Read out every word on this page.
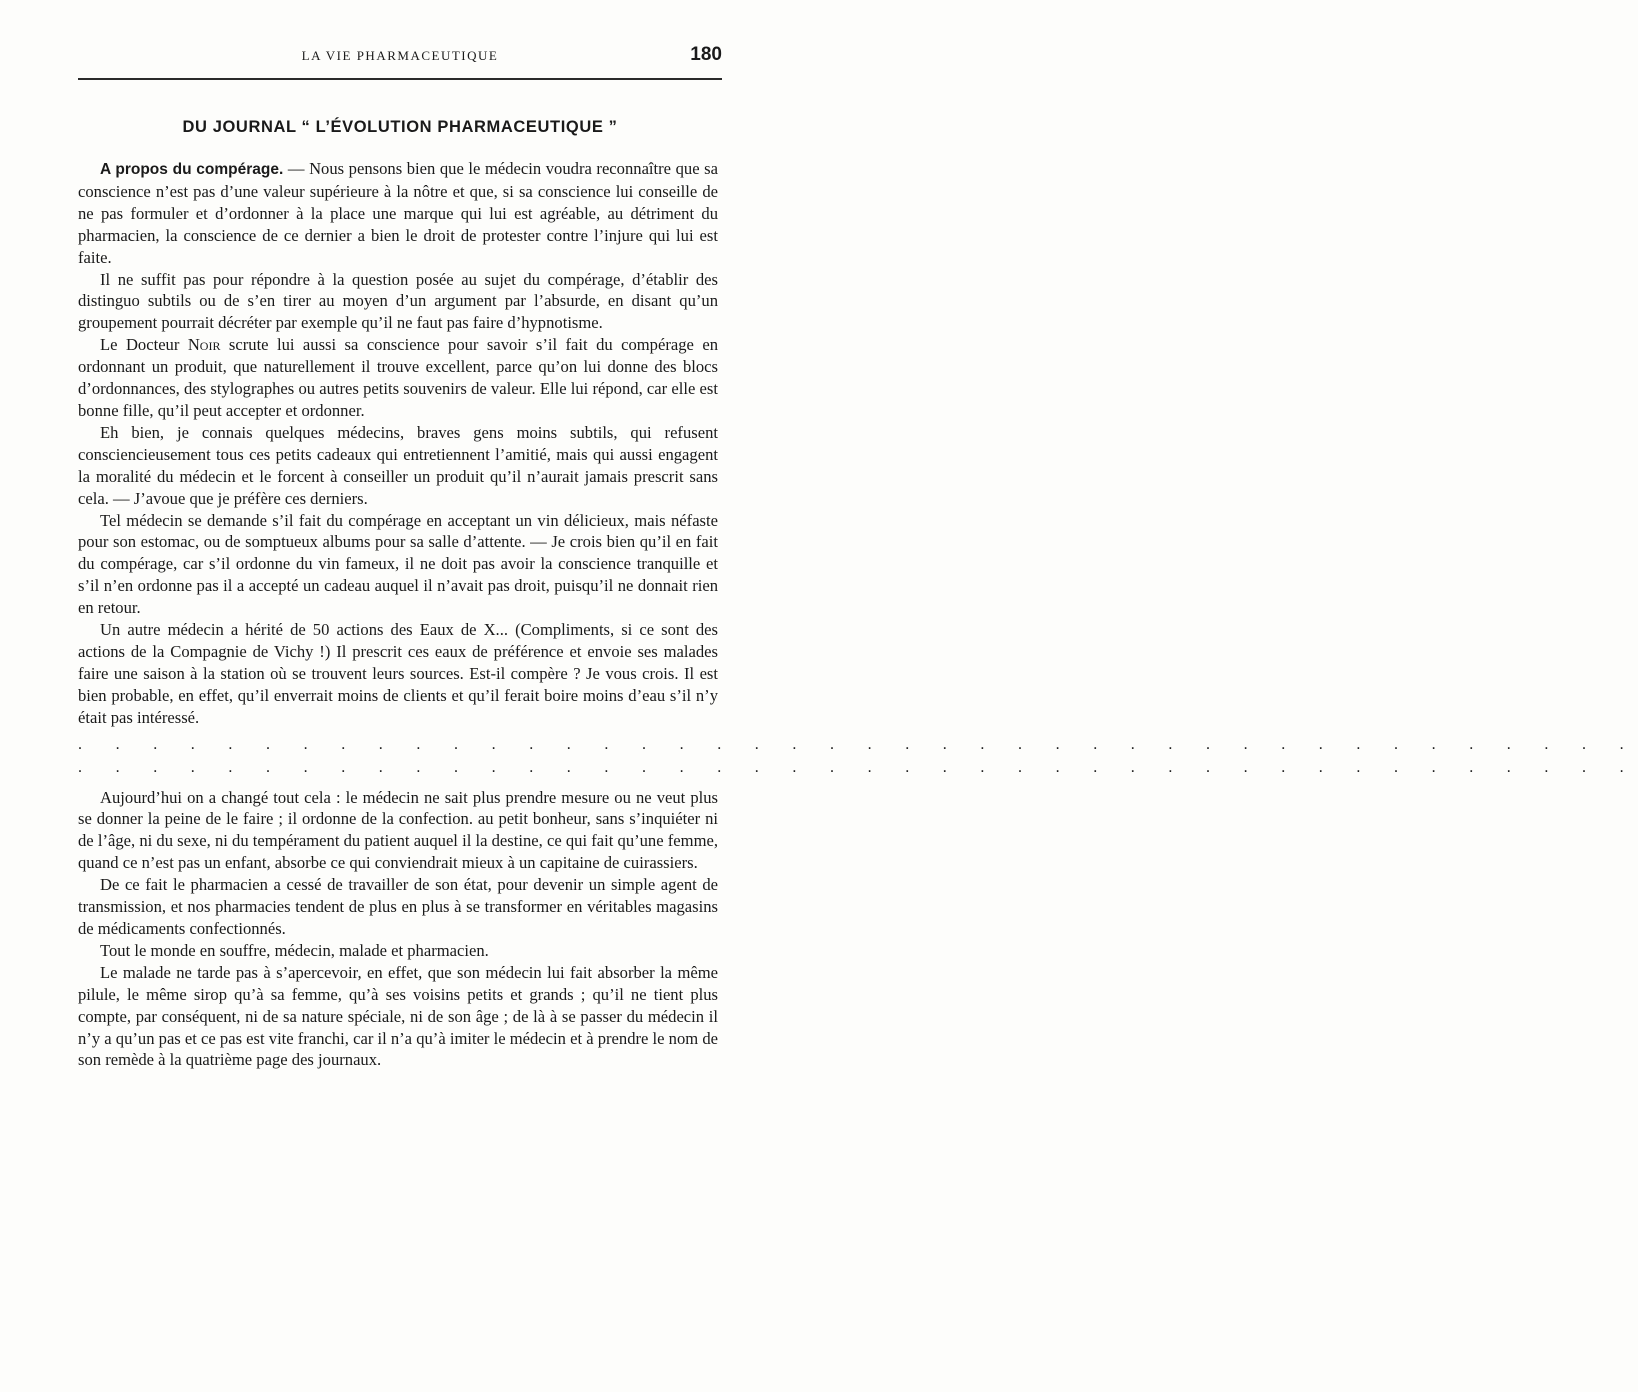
LA VIE PHARMACEUTIQUE	180
DU JOURNAL “ L’ÉVOLUTION PHARMACEUTIQUE ”

A propos du compérage. — Nous pensons bien que le médecin voudra reconnaître que sa conscience n’est pas d’une valeur supérieure à la nôtre et que, si sa conscience lui conseille de ne pas formuler et d’ordonner à la place une marque qui lui est agréable, au détriment du pharmacien, la conscience de ce dernier a bien le droit de protester contre l’injure qui lui est faite.

Il ne suffit pas pour répondre à la question posée au sujet du compérage, d’établir des distinguo subtils ou de s’en tirer au moyen d’un argument par l’absurde, en disant qu’un groupement pourrait décréter par exemple qu’il ne faut pas faire d’hypnotisme.

Le Docteur Noir scrute lui aussi sa conscience pour savoir s’il fait du compérage en ordonnant un produit, que naturellement il trouve excellent, parce qu’on lui donne des blocs d’ordonnances, des stylographes ou autres petits souvenirs de valeur. Elle lui répond, car elle est bonne fille, qu’il peut accepter et ordonner.

Eh bien, je connais quelques médecins, braves gens moins subtils, qui refusent consciencieusement tous ces petits cadeaux qui entretiennent l’amitié, mais qui aussi engagent la moralité du médecin et le forcent à conseiller un produit qu’il n’aurait jamais prescrit sans cela. — J’avoue que je préfère ces derniers.

Tel médecin se demande s’il fait du compérage en acceptant un vin délicieux, mais néfaste pour son estomac, ou de somptueux albums pour sa salle d’attente. — Je crois bien qu’il en fait du compérage, car s’il ordonne du vin fameux, il ne doit pas avoir la conscience tranquille et s’il n’en ordonne pas il a accepté un cadeau auquel il n’avait pas droit, puisqu’il ne donnait rien en retour.

Un autre médecin a hérité de 50 actions des Eaux de X... (Compliments, si ce sont des actions de la Compagnie de Vichy !) Il prescrit ces eaux de préférence et envoie ses malades faire une saison à la station où se trouvent leurs sources. Est-il compère ? Je vous crois. Il est bien probable, en effet, qu’il enverrait moins de clients et qu’il ferait boire moins d’eau s’il n’y était pas intéressé.

. . . . . . . . . . . . . . . . . . . . . . . . . . . . . . . . . . . . . . . . . .
. . . . . . . . . . . . . . . . . . . . . . . . . . . . . . . . . . . . . . . . . .

Aujourd’hui on a changé tout cela : le médecin ne sait plus prendre mesure ou ne veut plus se donner la peine de le faire ; il ordonne de la confection. au petit bonheur, sans s’inquiéter ni de l’âge, ni du sexe, ni du tempérament du patient auquel il la destine, ce qui fait qu’une femme, quand ce n’est pas un enfant, absorbe ce qui conviendrait mieux à un capitaine de cuirassiers.

De ce fait le pharmacien a cessé de travailler de son état, pour devenir un simple agent de transmission, et nos pharmacies tendent de plus en plus à se transformer en véritables magasins de médicaments confectionnés.

Tout le monde en souffre, médecin, malade et pharmacien.

Le malade ne tarde pas à s’apercevoir, en effet, que son médecin lui fait absorber la même pilule, le même sirop qu’à sa femme, qu’à ses voisins petits et grands ; qu’il ne tient plus compte, par conséquent, ni de sa nature spéciale, ni de son âge ; de là à se passer du médecin il n’y a qu’un pas et ce pas est vite franchi, car il n’a qu’à imiter le médecin et à prendre le nom de son remède à la quatrième page des journaux.
